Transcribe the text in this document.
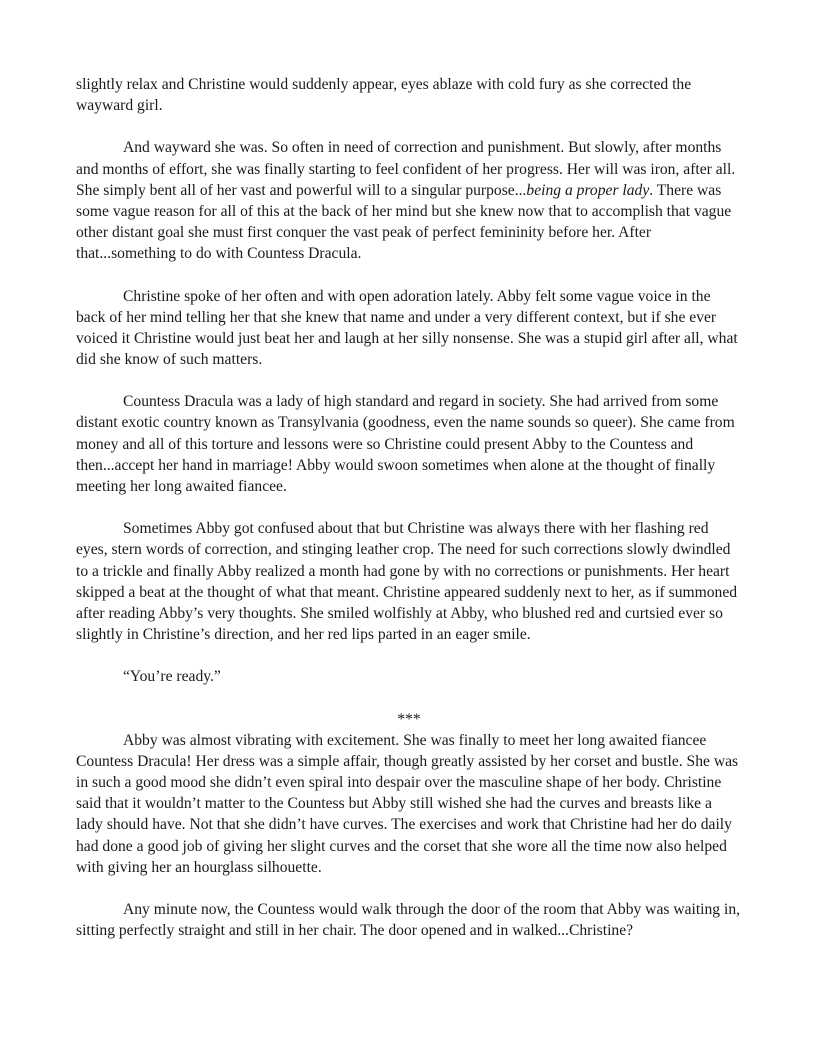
slightly relax and Christine would suddenly appear, eyes ablaze with cold fury as she corrected the wayward girl.

And wayward she was. So often in need of correction and punishment. But slowly, after months and months of effort, she was finally starting to feel confident of her progress. Her will was iron, after all. She simply bent all of her vast and powerful will to a singular purpose...being a proper lady. There was some vague reason for all of this at the back of her mind but she knew now that to accomplish that vague other distant goal she must first conquer the vast peak of perfect femininity before her. After that...something to do with Countess Dracula.

Christine spoke of her often and with open adoration lately. Abby felt some vague voice in the back of her mind telling her that she knew that name and under a very different context, but if she ever voiced it Christine would just beat her and laugh at her silly nonsense. She was a stupid girl after all, what did she know of such matters.

Countess Dracula was a lady of high standard and regard in society. She had arrived from some distant exotic country known as Transylvania (goodness, even the name sounds so queer). She came from money and all of this torture and lessons were so Christine could present Abby to the Countess and then...accept her hand in marriage! Abby would swoon sometimes when alone at the thought of finally meeting her long awaited fiancee.

Sometimes Abby got confused about that but Christine was always there with her flashing red eyes, stern words of correction, and stinging leather crop. The need for such corrections slowly dwindled to a trickle and finally Abby realized a month had gone by with no corrections or punishments. Her heart skipped a beat at the thought of what that meant. Christine appeared suddenly next to her, as if summoned after reading Abby’s very thoughts. She smiled wolfishly at Abby, who blushed red and curtsied ever so slightly in Christine’s direction, and her red lips parted in an eager smile.

“You’re ready.”

***

Abby was almost vibrating with excitement. She was finally to meet her long awaited fiancee Countess Dracula! Her dress was a simple affair, though greatly assisted by her corset and bustle. She was in such a good mood she didn’t even spiral into despair over the masculine shape of her body. Christine said that it wouldn’t matter to the Countess but Abby still wished she had the curves and breasts like a lady should have. Not that she didn’t have curves. The exercises and work that Christine had her do daily had done a good job of giving her slight curves and the corset that she wore all the time now also helped with giving her an hourglass silhouette.

Any minute now, the Countess would walk through the door of the room that Abby was waiting in, sitting perfectly straight and still in her chair. The door opened and in walked...Christine?
